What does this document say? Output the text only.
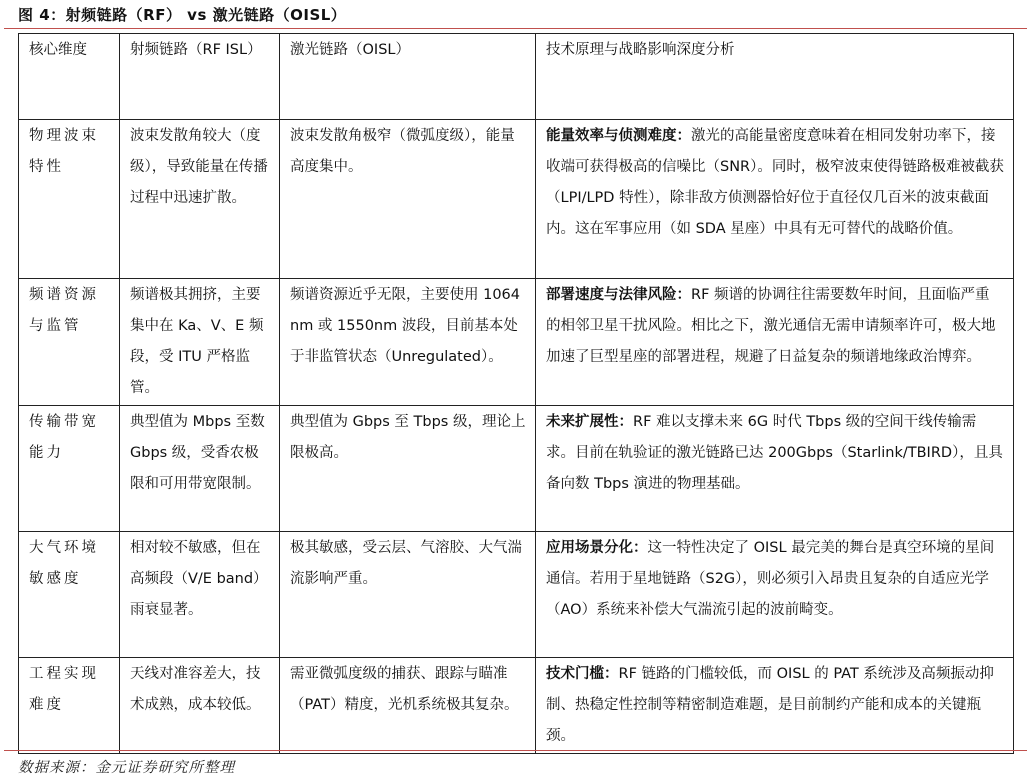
图 4：射频链路（RF） vs 激光链路（OISL）
核心维度	射频链路（RF ISL）	激光链路（OISL）	技术原理与战略影响深度分析
物理波束特性	波束发散角较大（度级），导致能量在传播过程中迅速扩散。	波束发散角极窄（微弧度级），能量高度集中。	能量效率与侦测难度：激光的高能量密度意味着在相同发射功率下，接收端可获得极高的信噪比（SNR）。同时，极窄波束使得链路极难被截获（LPI/LPD 特性），除非敌方侦测器恰好位于直径仅几百米的波束截面内。这在军事应用（如 SDA 星座）中具有无可替代的战略价值。
频谱资源与监管	频谱极其拥挤，主要集中在 Ka、V、E 频段，受 ITU 严格监管。	频谱资源近乎无限，主要使用 1064nm 或 1550nm 波段，目前基本处于非监管状态（Unregulated）。	部署速度与法律风险：RF 频谱的协调往往需要数年时间，且面临严重的相邻卫星干扰风险。相比之下，激光通信无需申请频率许可，极大地加速了巨型星座的部署进程，规避了日益复杂的频谱地缘政治博弈。
传输带宽能力	典型值为 Mbps 至数 Gbps 级，受香农极限和可用带宽限制。	典型值为 Gbps 至 Tbps 级，理论上限极高。	未来扩展性：RF 难以支撑未来 6G 时代 Tbps 级的空间干线传输需求。目前在轨验证的激光链路已达 200Gbps（Starlink/TBIRD），且具备向数 Tbps 演进的物理基础。
大气环境敏感度	相对较不敏感，但在高频段（V/E band）雨衰显著。	极其敏感，受云层、气溶胶、大气湍流影响严重。	应用场景分化：这一特性决定了 OISL 最完美的舞台是真空环境的星间通信。若用于星地链路（S2G），则必须引入昂贵且复杂的自适应光学（AO）系统来补偿大气湍流引起的波前畸变。
工程实现难度	天线对准容差大，技术成熟，成本较低。	需亚微弧度级的捕获、跟踪与瞄准（PAT）精度，光机系统极其复杂。	技术门槛：RF 链路的门槛较低，而 OISL 的 PAT 系统涉及高频振动抑制、热稳定性控制等精密制造难题，是目前制约产能和成本的关键瓶颈。
数据来源：金元证券研究所整理
